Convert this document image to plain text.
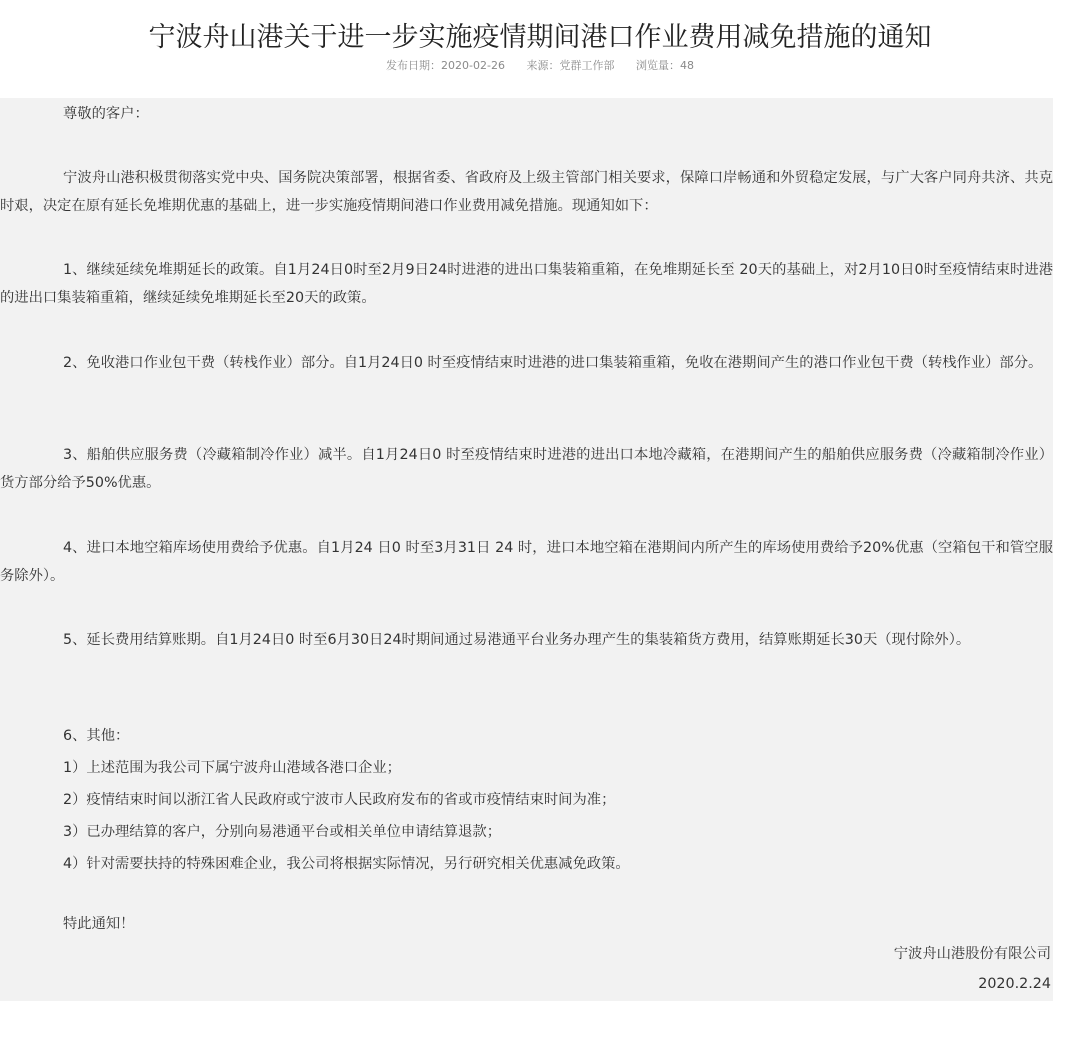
宁波舟山港关于进一步实施疫情期间港口作业费用减免措施的通知
发布日期：2020-02-26 来源：党群工作部 浏览量：48
尊敬的客户：
宁波舟山港积极贯彻落实党中央、国务院决策部署，根据省委、省政府及上级主管部门相关要求，保障口岸畅通和外贸稳定发展，与广大客户同舟共济、共克时艰，决定在原有延长免堆期优惠的基础上，进一步实施疫情期间港口作业费用减免措施。现通知如下：
1、继续延续免堆期延长的政策。自1月24日0时至2月9日24时进港的进出口集装箱重箱，在免堆期延长至 20天的基础上，对2月10日0时至疫情结束时进港的进出口集装箱重箱，继续延续免堆期延长至20天的政策。
2、免收港口作业包干费（转栈作业）部分。自1月24日0 时至疫情结束时进港的进口集装箱重箱，免收在港期间产生的港口作业包干费（转栈作业）部分。
3、船舶供应服务费（冷藏箱制冷作业）减半。自1月24日0 时至疫情结束时进港的进出口本地冷藏箱，在港期间产生的船舶供应服务费（冷藏箱制冷作业）货方部分给予50%优惠。
4、进口本地空箱库场使用费给予优惠。自1月24 日0 时至3月31日 24 时，进口本地空箱在港期间内所产生的库场使用费给予20%优惠（空箱包干和管空服务除外）。
5、延长费用结算账期。自1月24日0 时至6月30日24时期间通过易港通平台业务办理产生的集装箱货方费用，结算账期延长30天（现付除外）。
6、其他：
1）上述范围为我公司下属宁波舟山港域各港口企业；
2）疫情结束时间以浙江省人民政府或宁波市人民政府发布的省或市疫情结束时间为准；
3）已办理结算的客户，分别向易港通平台或相关单位申请结算退款；
4）针对需要扶持的特殊困难企业，我公司将根据实际情况，另行研究相关优惠减免政策。
特此通知！
宁波舟山港股份有限公司
2020.2.24
